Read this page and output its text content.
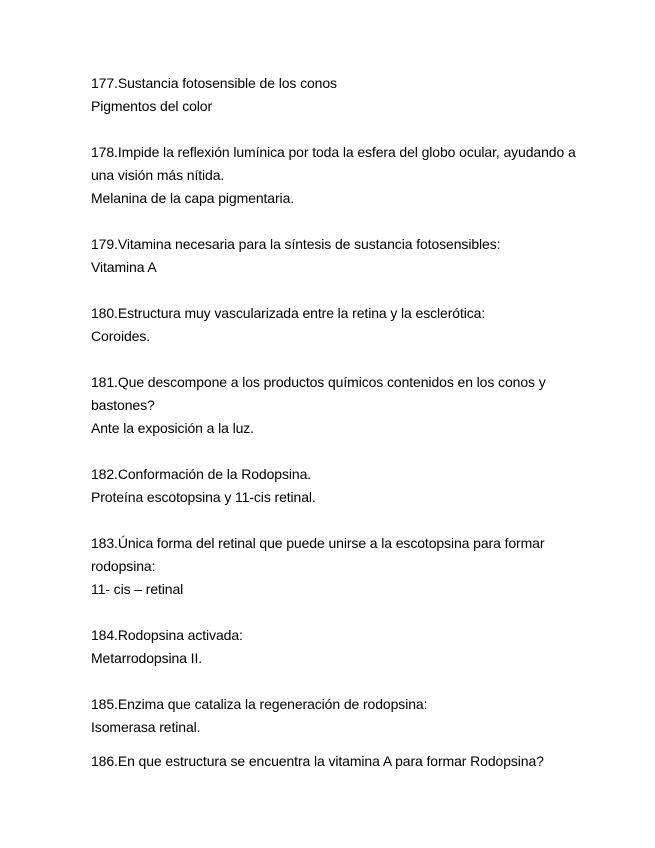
177.Sustancia fotosensible de los conos
Pigmentos del color
178.Impide la reflexión lumínica por toda la esfera del globo ocular, ayudando a
una visión más nítida.
Melanina de la capa pigmentaria.
179.Vitamina necesaria para la síntesis de sustancia fotosensibles:
Vitamina A
180.Estructura muy vascularizada entre la retina y la esclerótica:
Coroides.
181.Que descompone a los productos químicos contenidos en los conos y
bastones?
Ante la exposición a la luz.
182.Conformación de la Rodopsina.
Proteína escotopsina y 11-cis retinal.
183.Única forma del retinal que puede unirse a la escotopsina para formar
rodopsina:
11- cis – retinal
184.Rodopsina activada:
Metarrodopsina II.
185.Enzima que cataliza la regeneración de rodopsina:
Isomerasa retinal.
186.En que estructura se encuentra la vitamina A para formar Rodopsina?
